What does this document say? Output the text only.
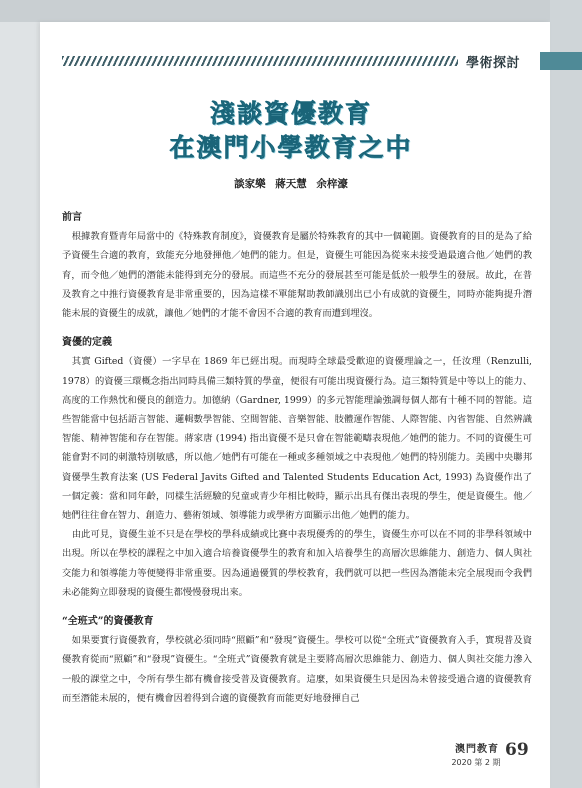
學術探討
淺談資優教育
在澳門小學教育之中
談家樂 蔣天慧 余梓濠
前言

根據教育暨青年局當中的《特殊教育制度》，資優教育是屬於特殊教育的其中一個範圍。資優教育的目的是為了給予資優生合適的教育，致能充分地發揮他／她們的能力。但是，資優生可能因為從來未接受過最適合他／她們的教育，而令他／她們的潛能未能得到充分的發展。而這些不充分的發展甚至可能是低於一般學生的發展。故此，在普及教育之中推行資優教育是非常重要的，因為這樣不單能幫助教師識別出已小有成就的資優生，同時亦能夠提升潛能未展的資優生的成就，讓他／她們的才能不會因不合適的教育而遭到埋沒。

資優的定義

其實 Gifted（資優）一字早在 1869 年已經出現。而現時全球最受歡迎的資優理論之一，任汝理（Renzulli, 1978）的資優三環概念指出同時具備三類特質的學童，便很有可能出現資優行為。這三類特質是中等以上的能力、高度的工作熱忱和優良的創造力。加德納（Gardner, 1999）的多元智能理論強調每個人都有十種不同的智能。這些智能當中包括語言智能、邏輯數學智能、空間智能、音樂智能、肢體運作智能、人際智能、內省智能、自然辨識智能、精神智能和存在智能。蔣家唐 (1994) 指出資優不是只會在智能範疇表現他／她們的能力。不同的資優生可能會對不同的刺激特別敏感，所以他／她們有可能在一種或多種領域之中表現他／她們的特別能力。美國中央聯邦資優學生教育法案 (US Federal Javits Gifted and Talented Students Education Act, 1993) 為資優作出了一個定義：當和同年齡，同樣生活經驗的兒童或青少年相比較時，顯示出具有傑出表現的學生，便是資優生。他／她們往往會在智力、創造力、藝術領域、領導能力或學術方面顯示出他／她們的能力。

由此可見，資優生並不只是在學校的學科成績或比賽中表現優秀的的學生，資優生亦可以在不同的非學科領域中出現。所以在學校的課程之中加入適合培養資優學生的教育和加入培養學生的高層次思維能力、創造力、個人與社交能力和領導能力等便變得非常重要。因為通過優質的學校教育，我們就可以把一些因為潛能未完全展現而令我們未必能夠立即發現的資優生都慢慢發現出來。

“全班式”的資優教育

如果要實行資優教育，學校就必須同時“照顧”和“發現”資優生。學校可以從“全班式”資優教育入手，實現普及資優教育從而“照顧”和“發現”資優生。“全班式”資優教育就是主要將高層次思維能力、創造力、個人與社交能力滲入一般的課堂之中，令所有學生都有機會接受普及資優教育。這麼，如果資優生只是因為未曾接受過合適的資優教育而至潛能未展的，便有機會因着得到合適的資優教育而能更好地發揮自己

澳門教育
2020 第 2 期
69
